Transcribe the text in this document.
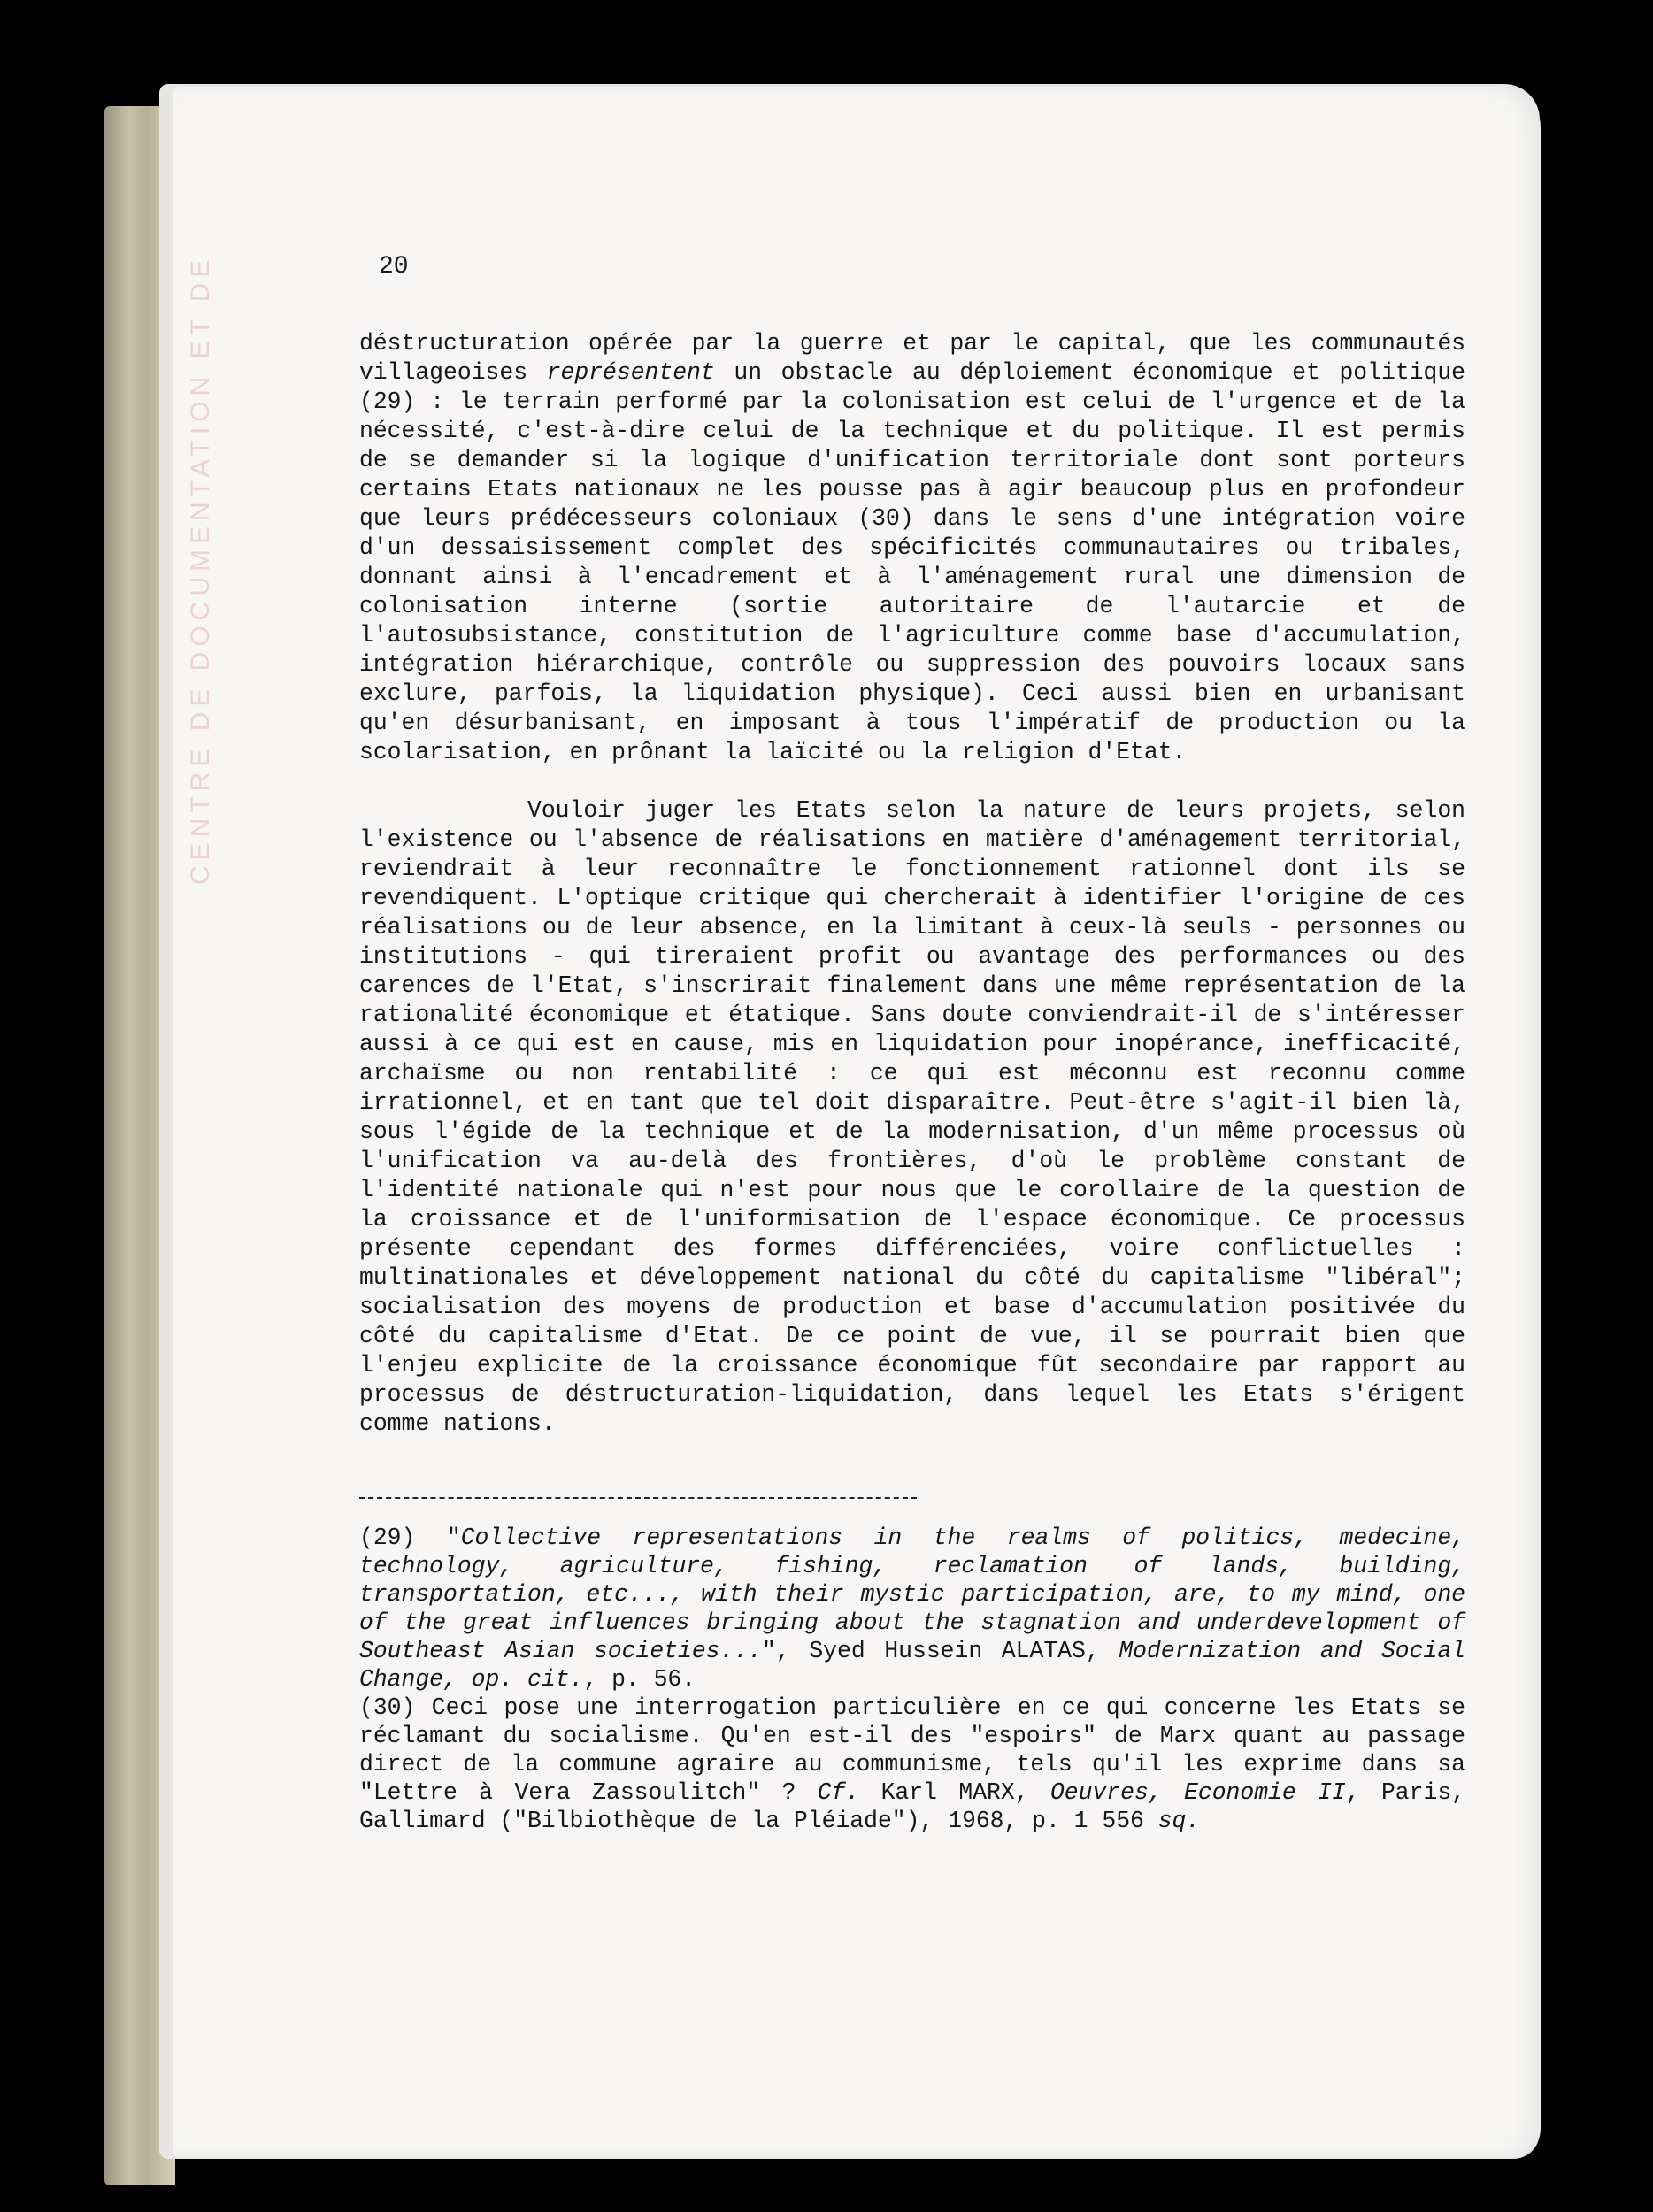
CENTRE DE DOCUMENTATION ET DE	20

déstructuration opérée par la guerre et par le capital, que les communautés villageoises représentent un obstacle au déploiement économique et politique (29) : le terrain performé par la colonisation est celui de l'urgence et de la nécessité, c'est-à-dire celui de la technique et du politique. Il est permis de se demander si la logique d'unification territoriale dont sont porteurs certains Etats nationaux ne les pousse pas à agir beaucoup plus en profondeur que leurs prédécesseurs coloniaux (30) dans le sens d'une intégration voire d'un dessaisissement complet des spécificités communautaires ou tribales, donnant ainsi à l'encadrement et à l'aménagement rural une dimension de colonisation interne (sortie autoritaire de l'autarcie et de l'autosubsistance, constitution de l'agriculture comme base d'accumulation, intégration hiérarchique, contrôle ou suppression des pouvoirs locaux sans exclure, parfois, la liquidation physique). Ceci aussi bien en urbanisant qu'en désurbanisant, en imposant à tous l'impératif de production ou la scolarisation, en prônant la laïcité ou la religion d'Etat.

Vouloir juger les Etats selon la nature de leurs projets, selon l'existence ou l'absence de réalisations en matière d'aménagement territorial, reviendrait à leur reconnaître le fonctionnement rationnel dont ils se revendiquent. L'optique critique qui chercherait à identifier l'origine de ces réalisations ou de leur absence, en la limitant à ceux-là seuls - personnes ou institutions - qui tireraient profit ou avantage des performances ou des carences de l'Etat, s'inscrirait finalement dans une même représentation de la rationalité économique et étatique. Sans doute conviendrait-il de s'intéresser aussi à ce qui est en cause, mis en liquidation pour inopérance, inefficacité, archaïsme ou non rentabilité : ce qui est méconnu est reconnu comme irrationnel, et en tant que tel doit disparaître. Peut-être s'agit-il bien là, sous l'égide de la technique et de la modernisation, d'un même processus où l'unification va au-delà des frontières, d'où le problème constant de l'identité nationale qui n'est pour nous que le corollaire de la question de la croissance et de l'uniformisation de l'espace économique. Ce processus présente cependant des formes différenciées, voire conflictuelles : multinationales et développement national du côté du capitalisme "libéral"; socialisation des moyens de production et base d'accumulation positivée du côté du capitalisme d'Etat. De ce point de vue, il se pourrait bien que l'enjeu explicite de la croissance économique fût secondaire par rapport au processus de déstructuration-liquidation, dans lequel les Etats s'érigent comme nations.

(29) "Collective representations in the realms of politics, medecine, technology, agriculture, fishing, reclamation of lands, building, transportation, etc..., with their mystic participation, are, to my mind, one of the great influences bringing about the stagnation and underdevelopment of Southeast Asian societies...", Syed Hussein ALATAS, Modernization and Social Change, op. cit., p. 56.

(30) Ceci pose une interrogation particulière en ce qui concerne les Etats se réclamant du socialisme. Qu'en est-il des "espoirs" de Marx quant au passage direct de la commune agraire au communisme, tels qu'il les exprime dans sa "Lettre à Vera Zassoulitch" ? Cf. Karl MARX, Oeuvres, Economie II, Paris, Gallimard ("Bilbiothèque de la Pléiade"), 1968, p. 1 556 sq.
